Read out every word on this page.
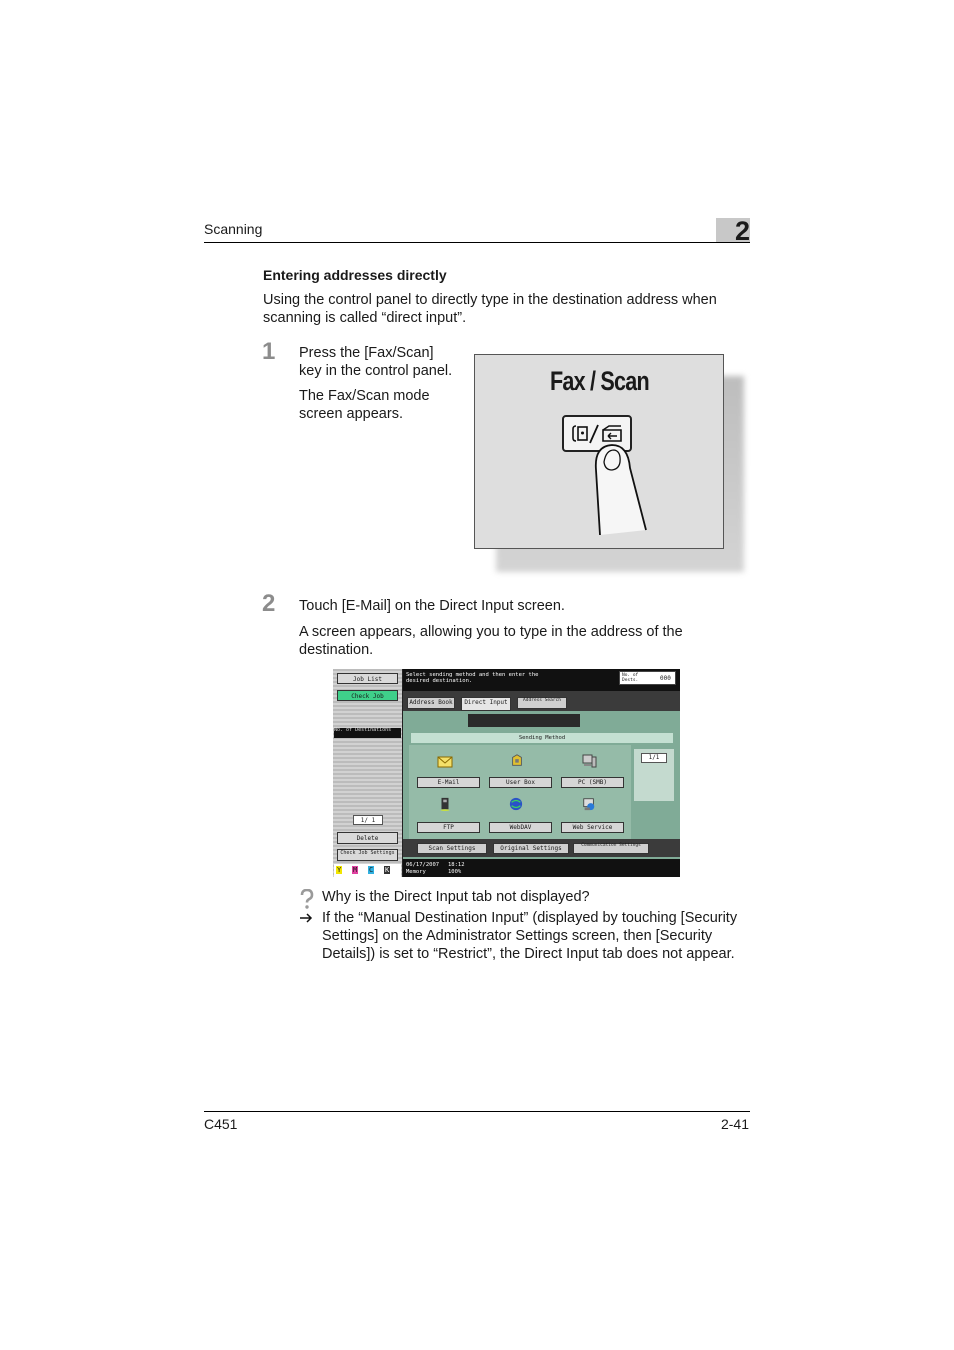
Scanning	2
Entering addresses directly
Using the control panel to directly type in the destination address when scanning is called “direct input”.
1 Press the [Fax/Scan] key in the control panel.
The Fax/Scan mode screen appears.
Fax / Scan
2 Touch [E-Mail] on the Direct Input screen.
A screen appears, allowing you to type in the address of the destination.
Job List
Check Job
No. of Destinations
1/ 1
Delete
Check Job Settings
Y M C K
Select sending method and then enter the desired destination.
No. of Dests.	000
Address Book	Direct Input	Address Search
Sending Method
E-Mail	User Box	PC (SMB)
FTP	WebDAV	Web Service
1/1
Scan Settings	Original Settings	Communication Settings
06/17/2007 18:12
Memory	100%
Why is the Direct Input tab not displayed?
If the “Manual Destination Input” (displayed by touching [Security Settings] on the Administrator Settings screen, then [Security Details]) is set to “Restrict”, the Direct Input tab does not appear.
C451	2-41
